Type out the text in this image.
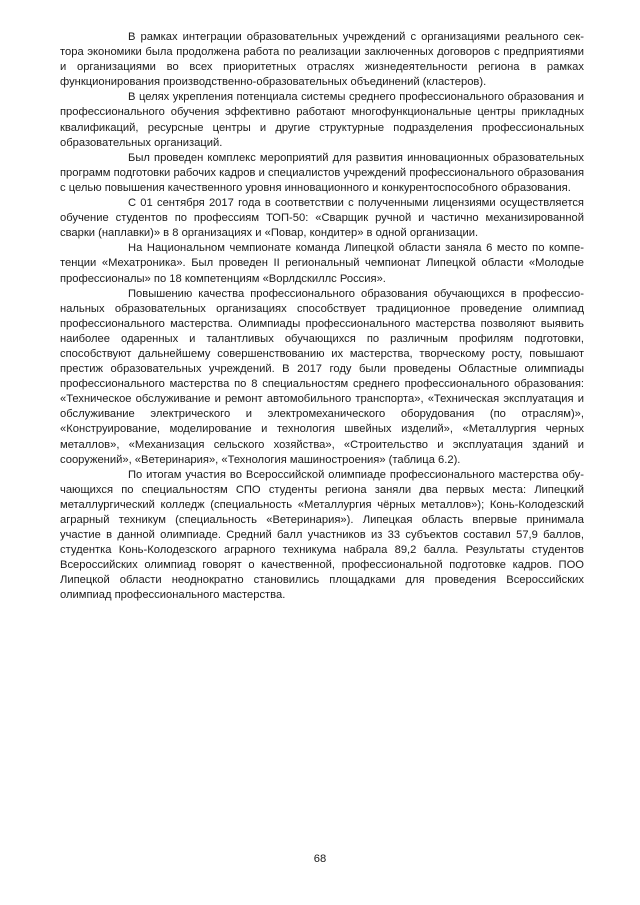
В рамках интеграции образовательных учреждений с организациями реального сектора экономики была продолжена работа по реализации заключенных договоров с предприятиями и организациями во всех приоритетных отраслях жизнедеятельности региона в рамках функционирования производственно-образовательных объединений (кластеров).

В целях укрепления потенциала системы среднего профессионального образования и профессионального обучения эффективно работают многофункциональные центры прикладных квалификаций, ресурсные центры и другие структурные подразделения профессиональных образовательных организаций.

Был проведен комплекс мероприятий для развития инновационных образовательных программ подготовки рабочих кадров и специалистов учреждений профессионального образования с целью повышения качественного уровня инновационного и конкурентоспособного образования.

С 01 сентября 2017 года в соответствии с полученными лицензиями осуществляется обучение студентов по профессиям ТОП-50: «Сварщик ручной и частично механизированной сварки (наплавки)» в 8 организациях и «Повар, кондитер» в одной организации.

На Национальном чемпионате команда Липецкой области заняла 6 место по компетенции «Мехатроника». Был проведен II региональный чемпионат Липецкой области «Молодые профессионалы» по 18 компетенциям «Ворлдскиллс Россия».

Повышению качества профессионального образования обучающихся в профессиональных образовательных организациях способствует традиционное проведение олимпиад профессионального мастерства. Олимпиады профессионального мастерства позволяют выявить наиболее одаренных и талантливых обучающихся по различным профилям подготовки, способствуют дальнейшему совершенствованию их мастерства, творческому росту, повышают престиж образовательных учреждений. В 2017 году были проведены Областные олимпиады профессионального мастерства по 8 специальностям среднего профессионального образования: «Техническое обслуживание и ремонт автомобильного транспорта», «Техническая эксплуатация и обслуживание электрического и электромеханического оборудования (по отраслям)», «Конструирование, моделирование и технология швейных изделий», «Металлургия черных металлов», «Механизация сельского хозяйства», «Строительство и эксплуатация зданий и сооружений», «Ветеринария», «Технология машиностроения» (таблица 6.2).

По итогам участия во Всероссийской олимпиаде профессионального мастерства обучающихся по специальностям СПО студенты региона заняли два первых места: Липецкий металлургический колледж (специальность «Металлургия чёрных металлов»); Конь-Колодезский аграрный техникум (специальность «Ветеринария»). Липецкая область впервые принимала участие в данной олимпиаде. Средний балл участников из 33 субъектов составил 57,9 баллов, студентка Конь-Колодезского аграрного техникума набрала 89,2 балла. Результаты студентов Всероссийских олимпиад говорят о качественной, профессиональной подготовке кадров. ПОО Липецкой области неоднократно становились площадками для проведения Всероссийских олимпиад профессионального мастерства.

68
